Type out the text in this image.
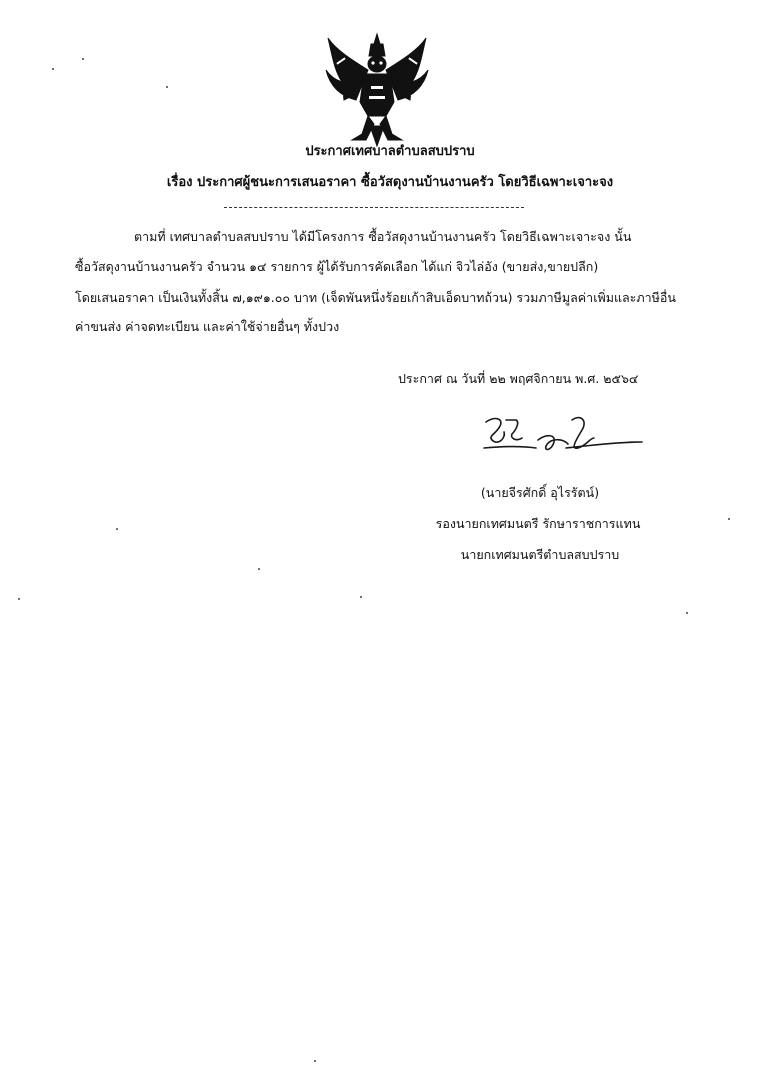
ประกาศเทศบาลตำบลสบปราบ
เรื่อง ประกาศผู้ชนะการเสนอราคา ซื้อวัสดุงานบ้านงานครัว โดยวิธีเฉพาะเจาะจง
ตามที่ เทศบาลตำบลสบปราบ ได้มีโครงการ ซื้อวัสดุงานบ้านงานครัว โดยวิธีเฉพาะเจาะจง นั้น
ซื้อวัสดุงานบ้านงานครัว จำนวน ๑๔ รายการ ผู้ได้รับการคัดเลือก ได้แก่ จิวไล่อัง (ขายส่ง,ขายปลีก)
โดยเสนอราคา เป็นเงินทั้งสิ้น ๗,๑๙๑.๐๐ บาท (เจ็ดพันหนึ่งร้อยเก้าสิบเอ็ดบาทถ้วน) รวมภาษีมูลค่าเพิ่มและภาษีอื่น
ค่าขนส่ง ค่าจดทะเบียน และค่าใช้จ่ายอื่นๆ ทั้งปวง
ประกาศ ณ วันที่ ๒๒ พฤศจิกายน พ.ศ. ๒๕๖๔
(นายจีรศักดิ์ อุไรรัตน์)
รองนายกเทศมนตรี รักษาราชการแทน
นายกเทศมนตรีตำบลสบปราบ
